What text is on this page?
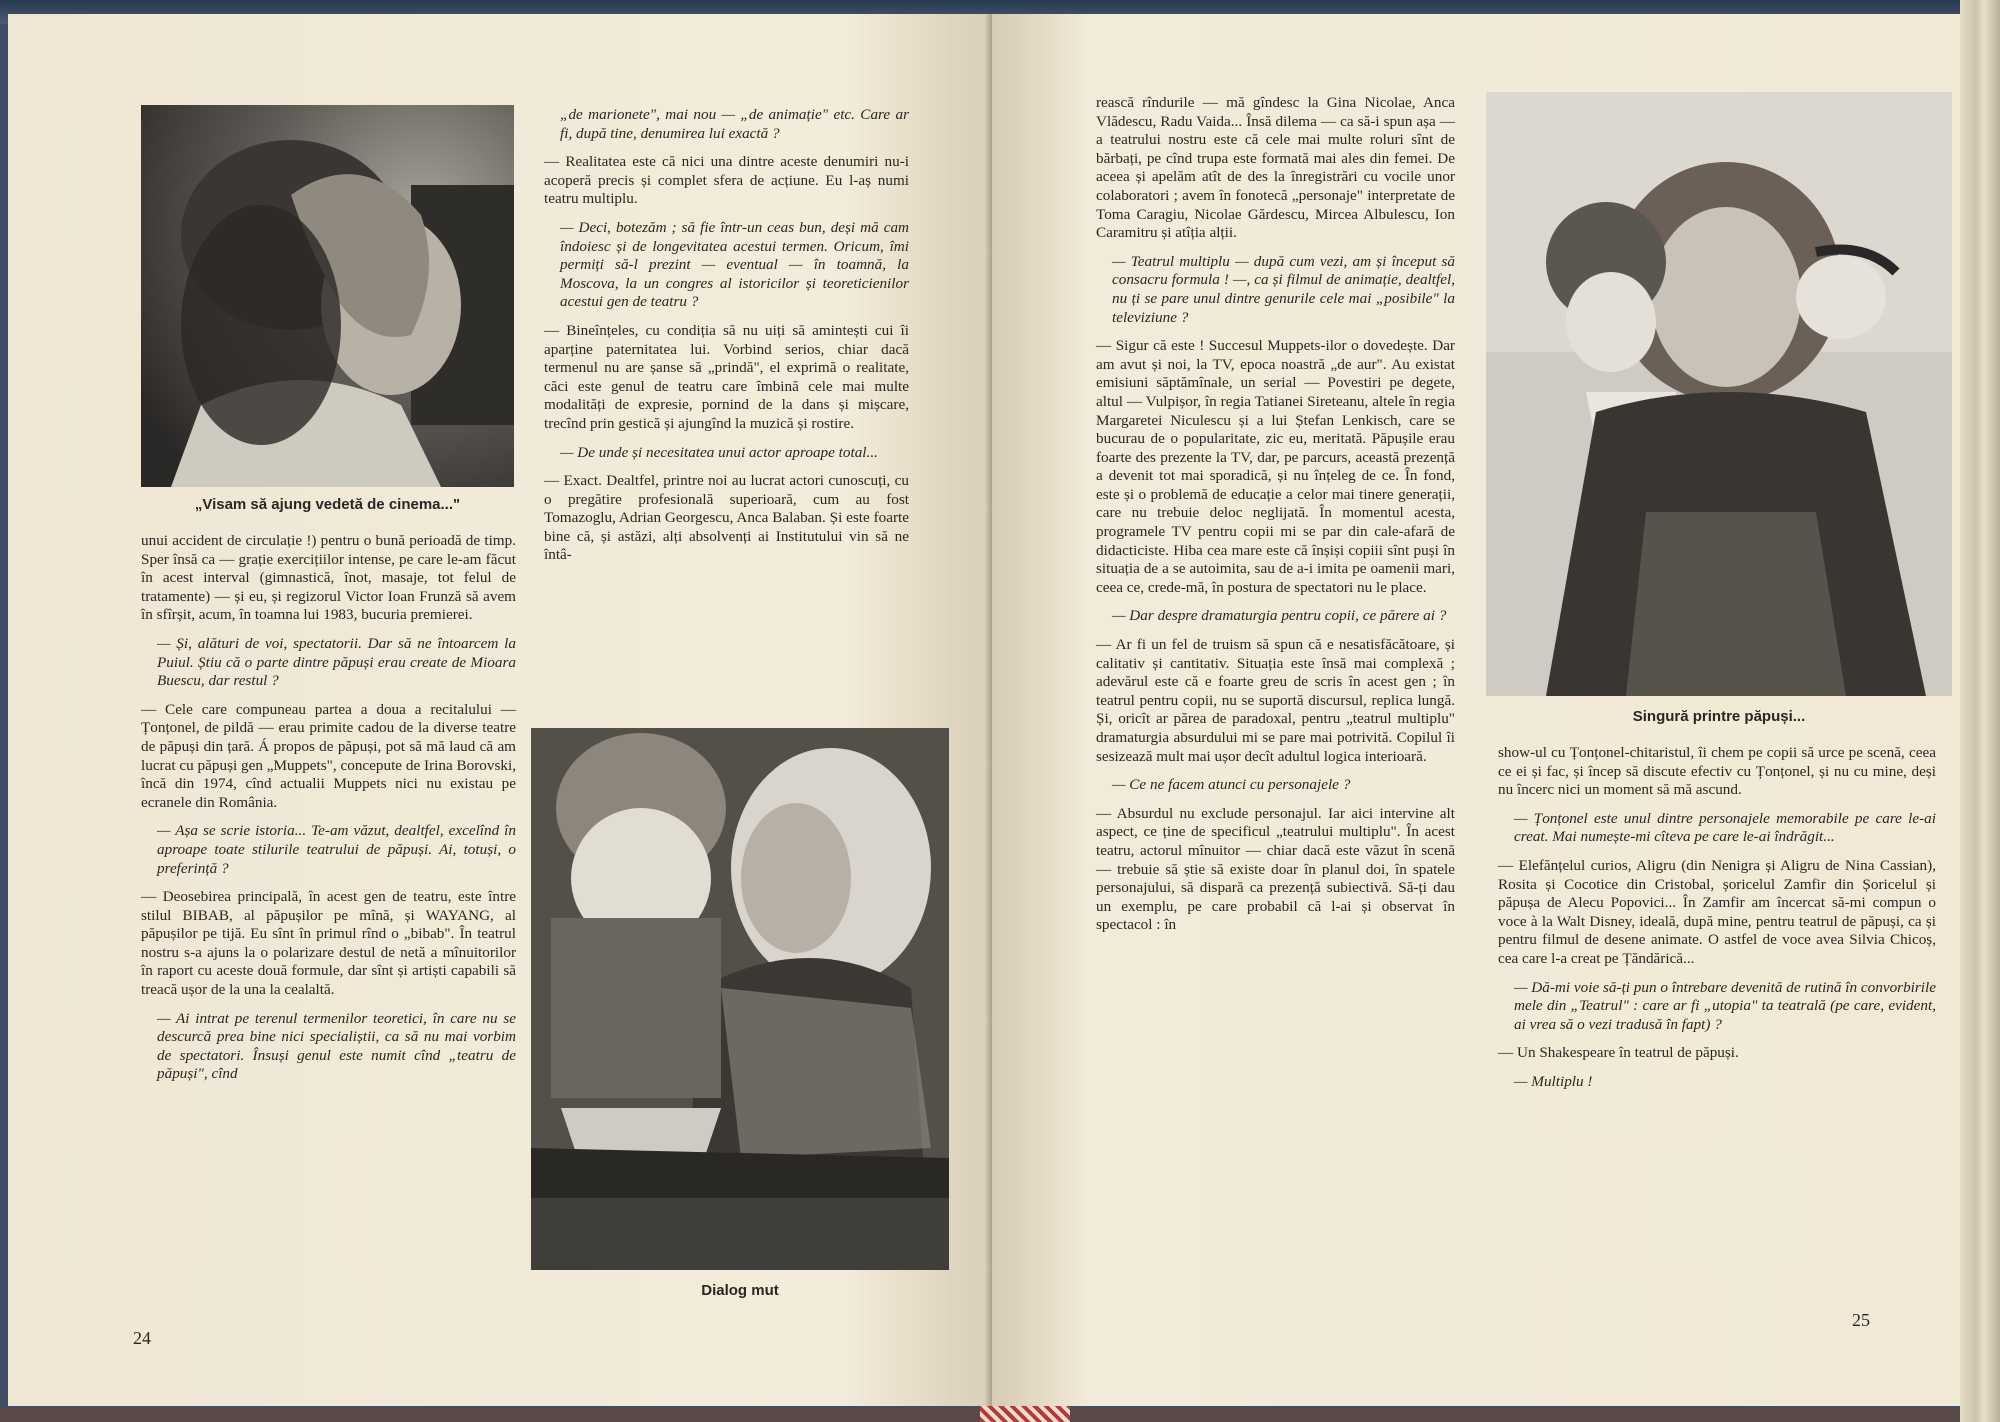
„Visam să ajung vedetă de cinema..."

unui accident de circulație !) pentru o bună perioadă de timp. Sper însă ca — grație exercițiilor intense, pe care le-am făcut în acest interval (gimnastică, înot, masaje, tot felul de tratamente) — și eu, și regizorul Victor Ioan Frunză să avem în sfîrșit, acum, în toamna lui 1983, bucuria premierei.

— Și, alături de voi, spectatorii. Dar să ne întoarcem la Puiul. Știu că o parte dintre păpuși erau create de Mioara Buescu, dar restul ?

— Cele care compuneau partea a doua a recitalului — Țonțonel, de pildă — erau primite cadou de la diverse teatre de păpuși din țară. Á propos de păpuși, pot să mă laud că am lucrat cu păpuși gen „Muppets", concepute de Irina Borovski, încă din 1974, cînd actualii Muppets nici nu existau pe ecranele din România.

— Așa se scrie istoria... Te-am văzut, dealtfel, excelînd în aproape toate stilurile teatrului de păpuși. Ai, totuși, o preferință ?

— Deosebirea principală, în acest gen de teatru, este între stilul BIBAB, al păpușilor pe mînă, și WAYANG, al păpușilor pe tijă. Eu sînt în primul rînd o „bibab". În teatrul nostru s-a ajuns la o polarizare destul de netă a mînuitorilor în raport cu aceste două formule, dar sînt și artiști capabili să treacă ușor de la una la cealaltă.

— Ai intrat pe terenul termenilor teoretici, în care nu se descurcă prea bine nici specialiștii, ca să nu mai vorbim de spectatori. Însuși genul este numit cînd „teatru de păpuși", cînd

„de marionete", mai nou — „de animație" etc. Care ar fi, după tine, denumirea lui exactă ?

— Realitatea este că nici una dintre aceste denumiri nu-i acoperă precis și complet sfera de acțiune. Eu l-aș numi teatru multiplu.

— Deci, botezăm ; să fie într-un ceas bun, deși mă cam îndoiesc și de longevitatea acestui termen. Oricum, îmi permiți să-l prezint — eventual — în toamnă, la Moscova, la un congres al istoricilor și teoreticienilor acestui gen de teatru ?

— Bineînțeles, cu condiția să nu uiți să amintești cui îi aparține paternitatea lui. Vorbind serios, chiar dacă termenul nu are șanse să „prindă", el exprimă o realitate, căci este genul de teatru care îmbină cele mai multe modalități de expresie, pornind de la dans și mișcare, trecînd prin gestică și ajungînd la muzică și rostire.

— De unde și necesitatea unui actor aproape total...

— Exact. Dealtfel, printre noi au lucrat actori cunoscuți, cu o pregătire profesională superioară, cum au fost Tomazoglu, Adrian Georgescu, Anca Balaban. Și este foarte bine că, și astăzi, alți absolvenți ai Institutului vin să ne întâ-

Dialog mut
24

rească rîndurile — mă gîndesc la Gina Nicolae, Anca Vlădescu, Radu Vaida... Însă dilema — ca să-i spun așa — a teatrului nostru este că cele mai multe roluri sînt de bărbați, pe cînd trupa este formată mai ales din femei. De aceea și apelăm atît de des la înregistrări cu vocile unor colaboratori ; avem în fonotecă „personaje" interpretate de Toma Caragiu, Nicolae Gărdescu, Mircea Albulescu, Ion Caramitru și atîția alții.

— Teatrul multiplu — după cum vezi, am și început să consacru formula ! —, ca și filmul de animație, dealtfel, nu ți se pare unul dintre genurile cele mai „posibile" la televiziune ?

— Sigur că este ! Succesul Muppets-ilor o dovedește. Dar am avut și noi, la TV, epoca noastră „de aur". Au existat emisiuni săptămînale, un serial — Povestiri pe degete, altul — Vulpișor, în regia Tatianei Sireteanu, altele în regia Margaretei Niculescu și a lui Ștefan Lenkisch, care se bucurau de o popularitate, zic eu, meritată. Păpușile erau foarte des prezente la TV, dar, pe parcurs, această prezență a devenit tot mai sporadică, și nu înțeleg de ce. În fond, este și o problemă de educație a celor mai tinere generații, care nu trebuie deloc neglijată. În momentul acesta, programele TV pentru copii mi se par din cale-afară de didacticiste. Hiba cea mare este că înșiși copiii sînt puși în situația de a se autoimita, sau de a-i imita pe oamenii mari, ceea ce, crede-mă, în postura de spectatori nu le place.

— Dar despre dramaturgia pentru copii, ce părere ai ?

— Ar fi un fel de truism să spun că e nesatisfăcătoare, și calitativ și cantitativ. Situația este însă mai complexă ; adevărul este că e foarte greu de scris în acest gen ; în teatrul pentru copii, nu se suportă discursul, replica lungă. Și, oricît ar părea de paradoxal, pentru „teatrul multiplu" dramaturgia absurdului mi se pare mai potrivită. Copilul îi sesizează mult mai ușor decît adultul logica interioară.

— Ce ne facem atunci cu personajele ?

— Absurdul nu exclude personajul. Iar aici intervine alt aspect, ce ține de specificul „teatrului multiplu". În acest teatru, actorul mînuitor — chiar dacă este văzut în scenă — trebuie să știe să existe doar în planul doi, în spatele personajului, să dispară ca prezență subiectivă. Să-ți dau un exemplu, pe care probabil că l-ai și observat în spectacol : în

Singură printre păpuși...

show-ul cu Țonțonel-chitaristul, îi chem pe copii să urce pe scenă, ceea ce ei și fac, și încep să discute efectiv cu Țonțonel, și nu cu mine, deși nu încerc nici un moment să mă ascund.

— Țonțonel este unul dintre personajele memorabile pe care le-ai creat. Mai numește-mi cîteva pe care le-ai îndrăgit...

— Elefănțelul curios, Aligru (din Nenigra și Aligru de Nina Cassian), Rosita și Cocotice din Cristobal, șoricelul Zamfir din Șoricelul și păpușa de Alecu Popovici... În Zamfir am încercat să-mi compun o voce à la Walt Disney, ideală, după mine, pentru teatrul de păpuși, ca și pentru filmul de desene animate. O astfel de voce avea Silvia Chicoș, cea care l-a creat pe Țăndărică...

— Dă-mi voie să-ți pun o întrebare devenită de rutină în convorbirile mele din „Teatrul" : care ar fi „utopia" ta teatrală (pe care, evident, ai vrea să o vezi tradusă în fapt) ?

— Un Shakespeare în teatrul de păpuși.

— Multiplu !

25
